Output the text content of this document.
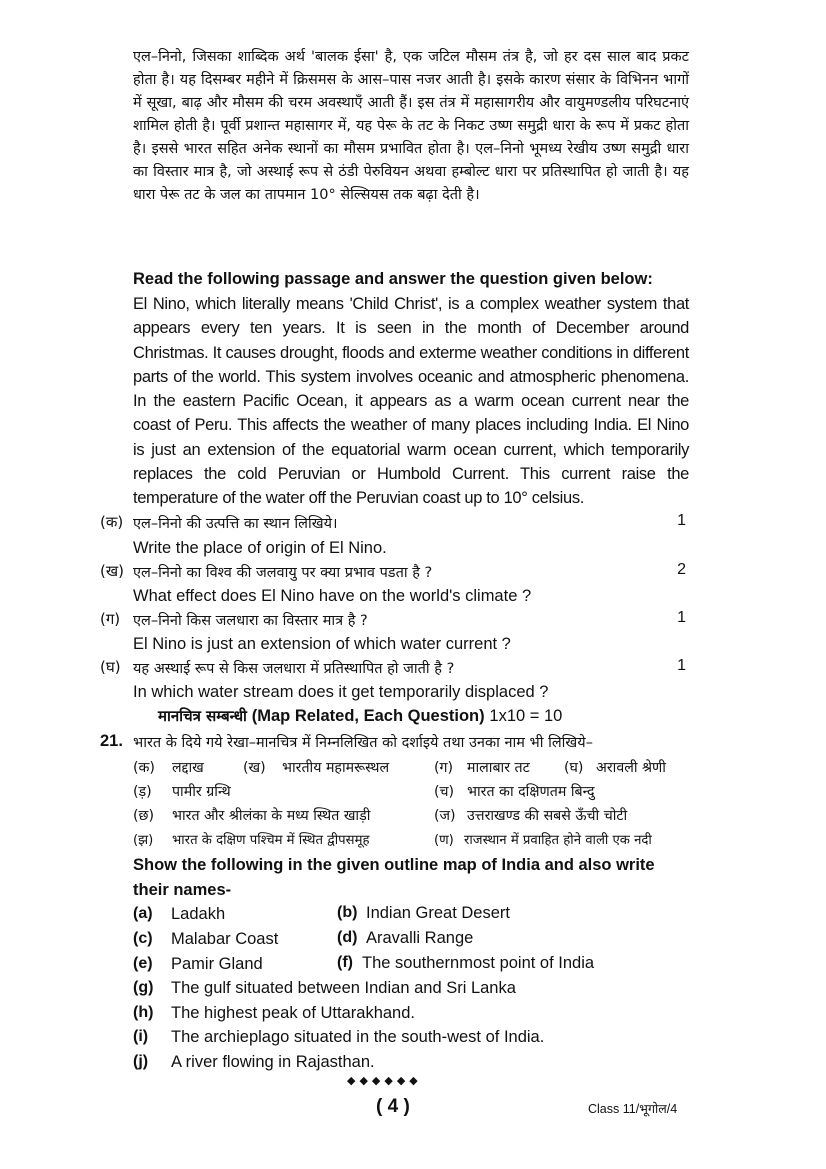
एल–निनो, जिसका शाब्दिक अर्थ 'बालक ईसा' है, एक जटिल मौसम तंत्र है, जो हर दस साल बाद प्रकट होता है। यह दिसम्बर महीने में क्रिसमस के आस–पास नजर आती है। इसके कारण संसार के विभिनन भागों में सूखा, बाढ़ और मौसम की चरम अवस्थाएँ आती हैं। इस तंत्र में महासागरीय और वायुमण्डलीय परिघटनाएं शामिल होती है। पूर्वी प्रशान्त महासागर में, यह पेरू के तट के निकट उष्ण समुद्री धारा के रूप में प्रकट होता है। इससे भारत सहित अनेक स्थानों का मौसम प्रभावित होता है। एल–निनो भूमध्य रेखीय उष्ण समुद्री धारा का विस्तार मात्र है, जो अस्थाई रूप से ठंडी पेरुवियन अथवा हम्बोल्ट धारा पर प्रतिस्थापित हो जाती है। यह धारा पेरू तट के जल का तापमान 10° सेल्सियस तक बढ़ा देती है।
Read the following passage and answer the question given below:
El Nino, which literally means 'Child Christ', is a complex weather system that appears every ten years. It is seen in the month of December around Christmas. It causes drought, floods and exterme weather conditions in different parts of the world. This system involves oceanic and atmospheric phenomena. In the eastern Pacific Ocean, it appears as a warm ocean current near the coast of Peru. This affects the weather of many places including India. El Nino is just an extension of the equatorial warm ocean current, which temporarily replaces the cold Peruvian or Humbold Current. This current raise the temperature of the water off the Peruvian coast up to 10° celsius.
(क) एल–निनो की उत्पत्ति का स्थान लिखिये।	1
Write the place of origin of El Nino.
(ख) एल–निनो का विश्व की जलवायु पर क्या प्रभाव पडता है ?	2
What effect does El Nino have on the world's climate ?
(ग) एल–निनो किस जलधारा का विस्तार मात्र है ?	1
El Nino is just an extension of which water current ?
(घ) यह अस्थाई रूप से किस जलधारा में प्रतिस्थापित हो जाती है ?	1
In which water stream does it get temporarily displaced ?
मानचित्र सम्बन्धी (Map Related, Each Question) 1x10 = 10
21. भारत के दिये गये रेखा–मानचित्र में निम्नलिखित को दर्शाइये तथा उनका नाम भी लिखिये–
(क) लद्दाख	(ख) भारतीय महामरूस्थल	(ग) मालाबार तट (घ) अरावली श्रेणी
(ड़) पामीर ग्रन्थि	(च) भारत का दक्षिणतम बिन्दु
(छ) भारत और श्रीलंका के मध्य स्थित खाड़ी	(ज) उत्तराखण्ड की सबसे ऊँची चोटी
(झ) भारत के दक्षिण पश्चिम में स्थित द्वीपसमूह	(ण) राजस्थान में प्रवाहित होने वाली एक नदी
Show the following in the given outline map of India and also write their names-
(a) Ladakh	(b) Indian Great Desert
(c) Malabar Coast	(d) Aravalli Range
(e) Pamir Gland	(f) The southernmost point of India
(g) The gulf situated between Indian and Sri Lanka
(h) The highest peak of Uttarakhand.
(i) The archieplago situated in the south-west of India.
(j) A river flowing in Rajasthan.
◆◆◆◆◆◆
( 4 )	Class 11/भूगोल/4
